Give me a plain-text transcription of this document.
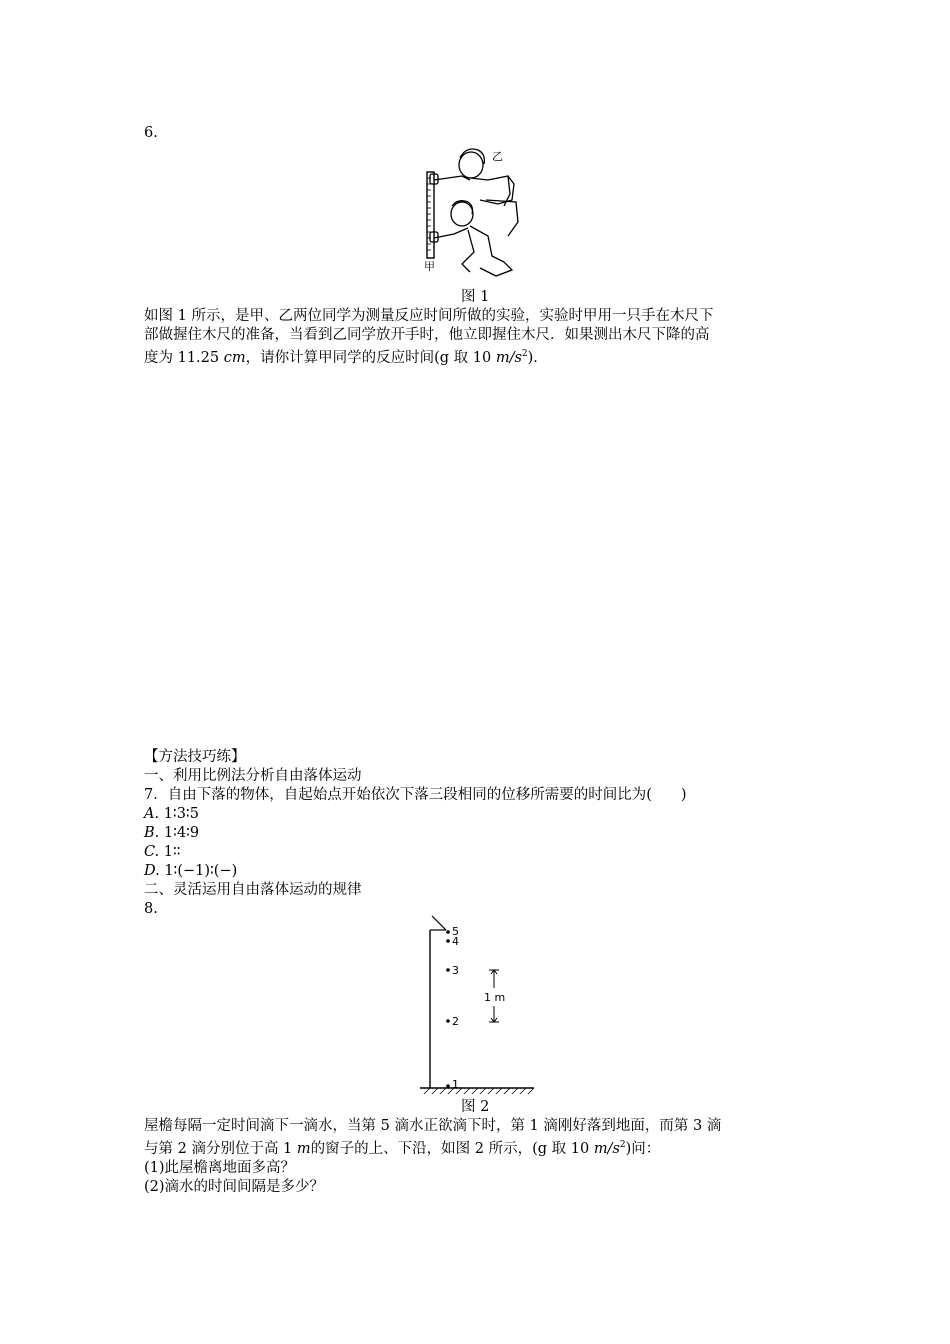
6.
甲
乙
图 1
如图 1 所示，是甲、乙两位同学为测量反应时间所做的实验，实验时甲用一只手在木尺下
部做握住木尺的准备，当看到乙同学放开手时，他立即握住木尺．如果测出木尺下降的高
度为 11.25 cm，请你计算甲同学的反应时间(g 取 10 $m/s^2$)．
【方法技巧练】
一、利用比例法分析自由落体运动
7．自由下落的物体，自起始点开始依次下落三段相同的位移所需要的时间比为(　　)
A. 1∶3∶5
B. 1∶4∶9
C. 1∶∶
D. 1∶(−1)∶(−)
二、灵活运用自由落体运动的规律
8.
5
4
3
2
1
1 m
图 2
屋檐每隔一定时间滴下一滴水，当第 5 滴水正欲滴下时，第 1 滴刚好落到地面，而第 3 滴
与第 2 滴分别位于高 1 m的窗子的上、下沿，如图 2 所示，(g 取 10 $m/s^2$)问：
(1)此屋檐离地面多高？
(2)滴水的时间间隔是多少？
